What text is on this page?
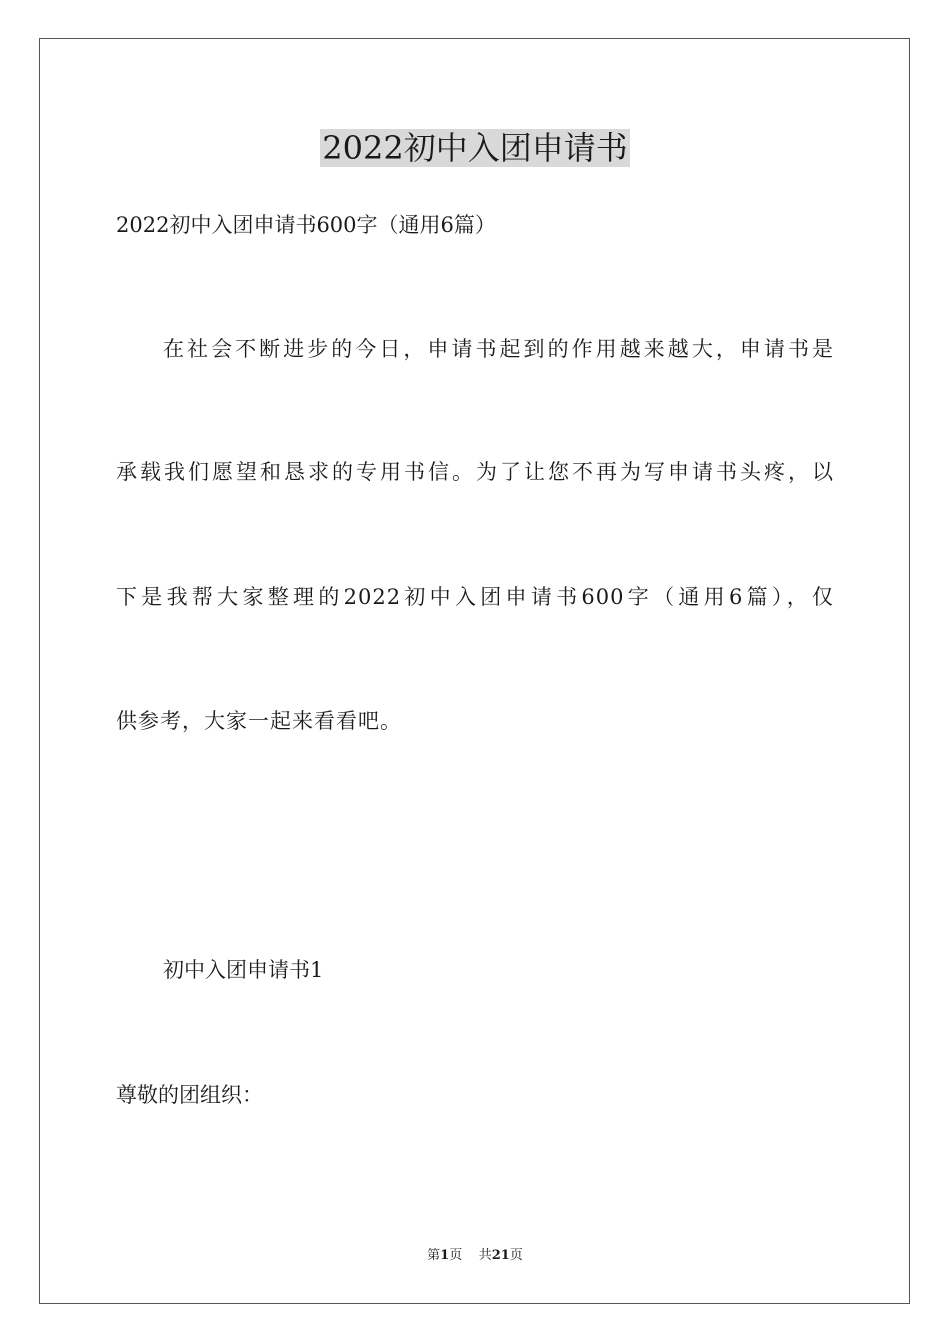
2022初中入团申请书
2022初中入团申请书600字（通用6篇）
在社会不断进步的今日，申请书起到的作用越来越大，申请书是
承载我们愿望和恳求的专用书信。为了让您不再为写申请书头疼，以
下是我帮大家整理的2022初中入团申请书600字（通用6篇），仅
供参考，大家一起来看看吧。
初中入团申请书1
尊敬的团组织：
第1页 共21页
